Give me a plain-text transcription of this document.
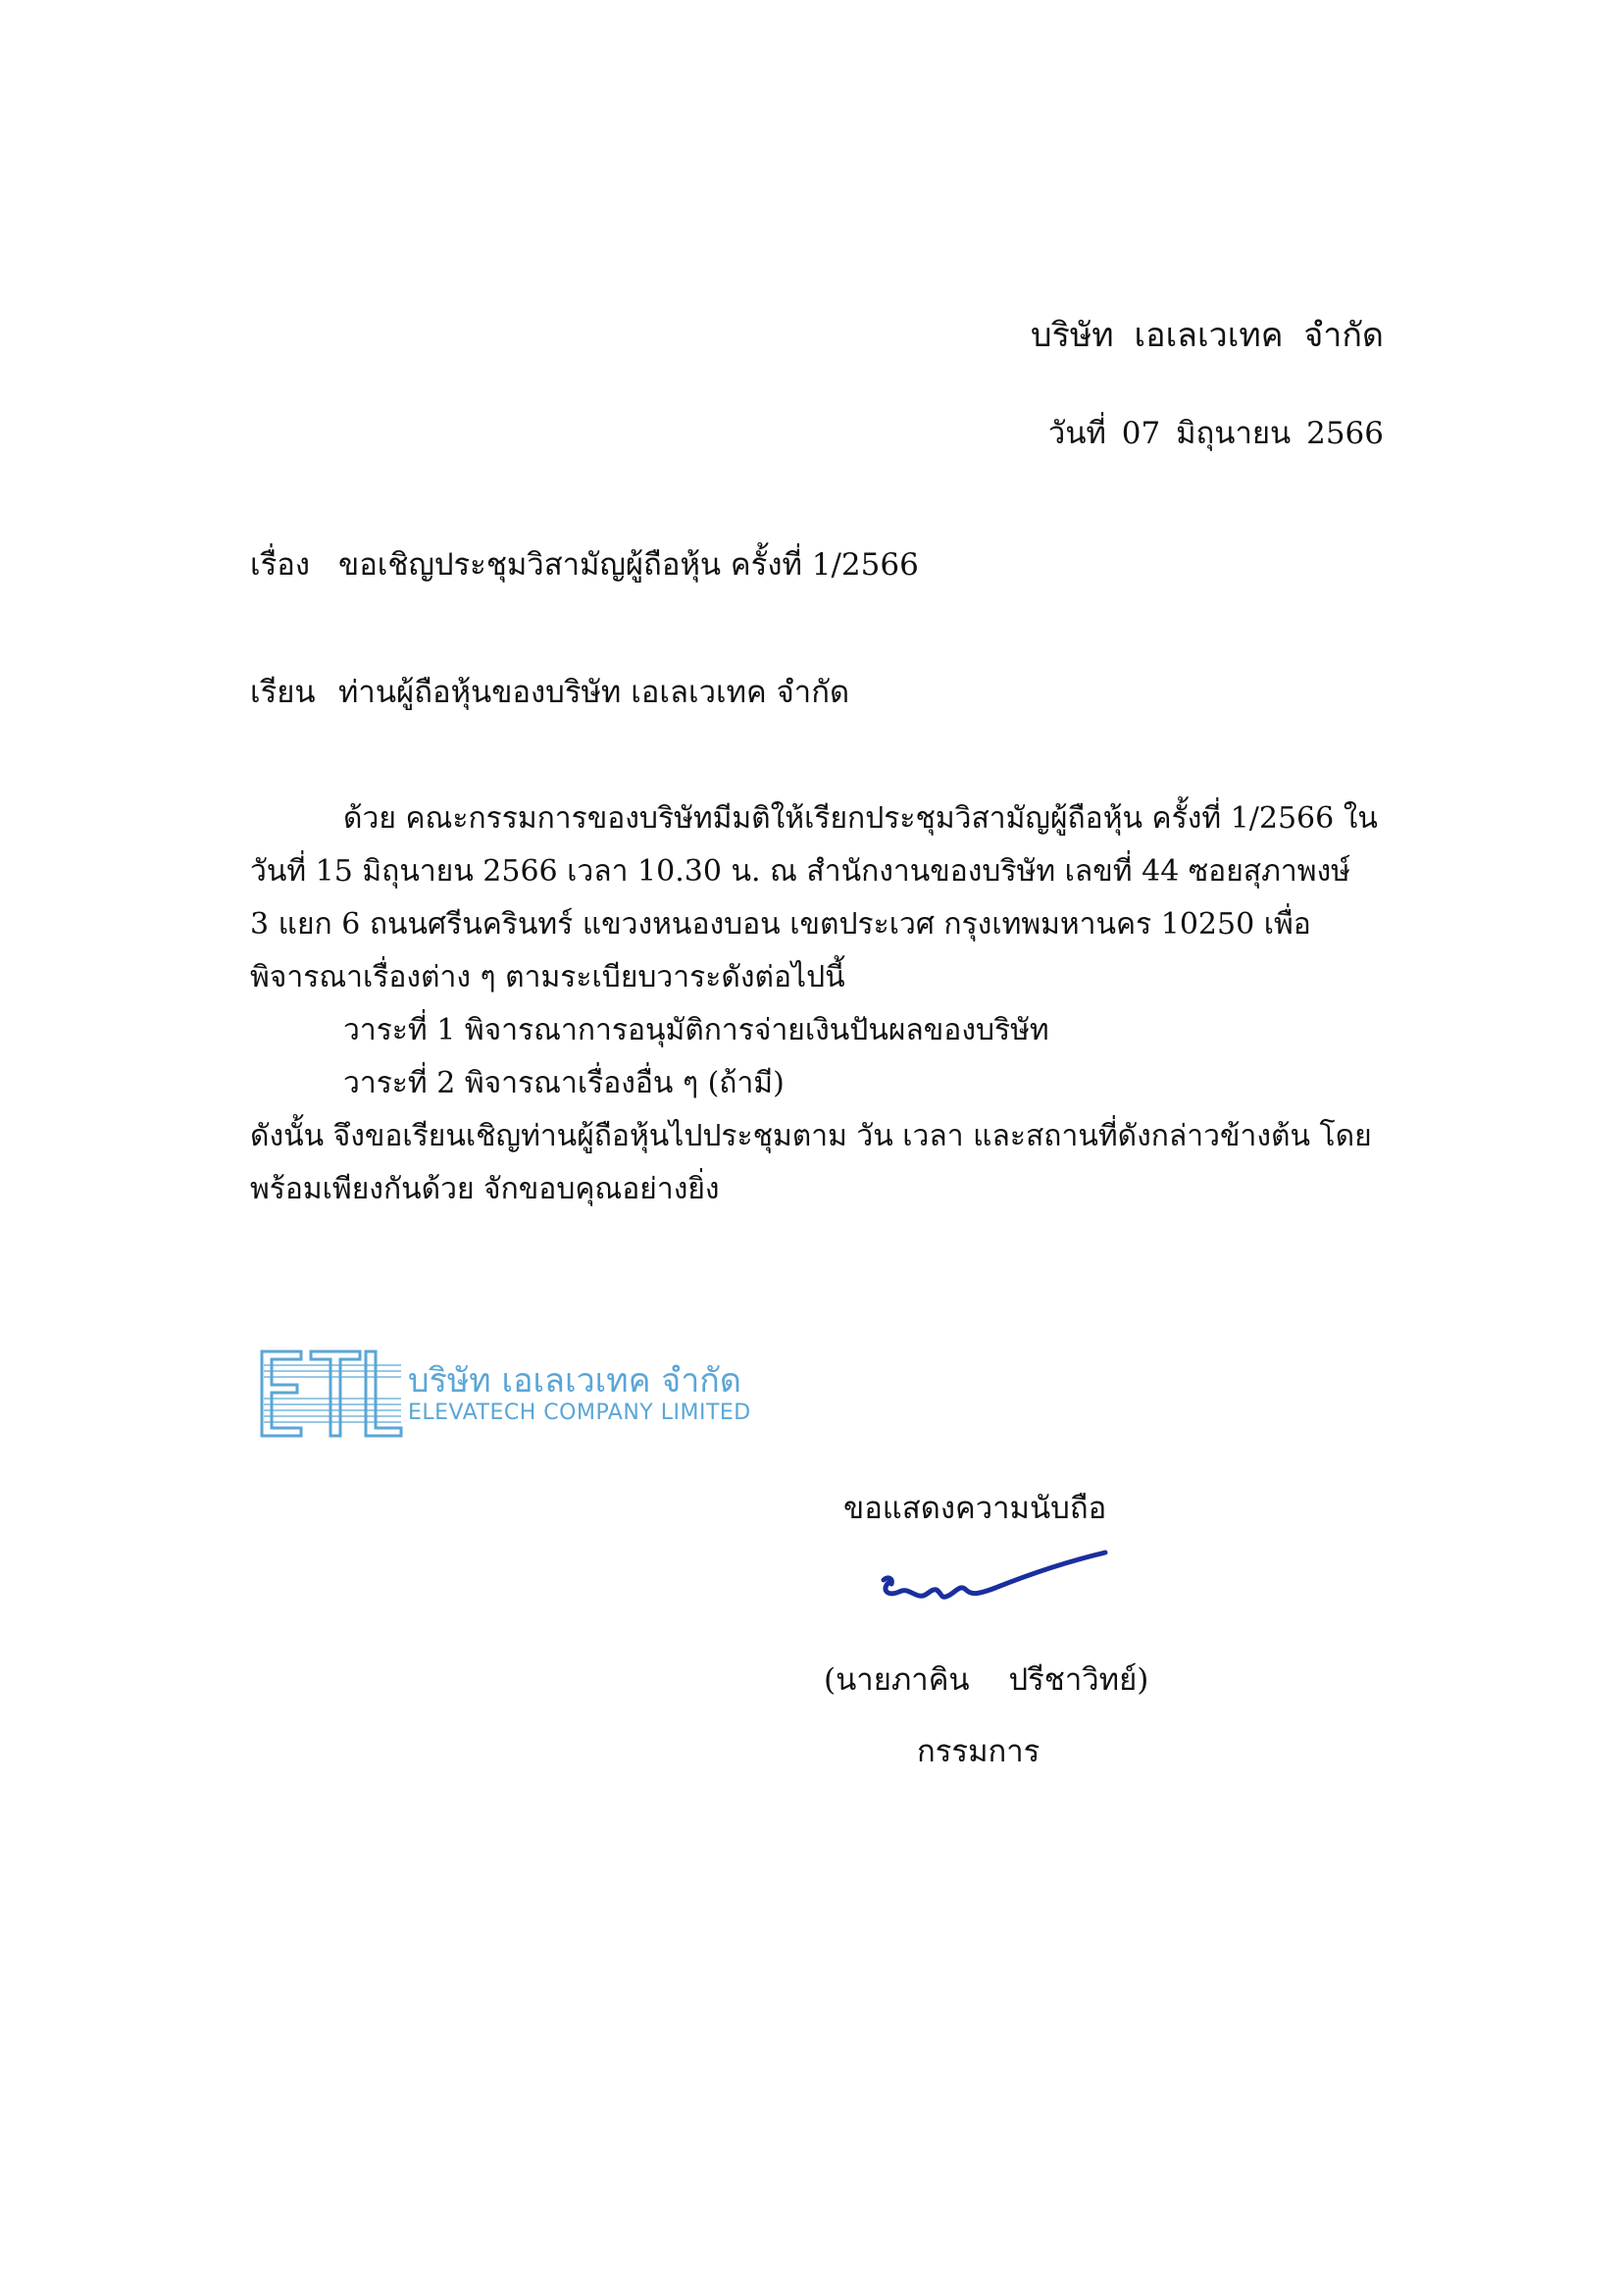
บริษัท เอเลเวเทค จำกัด
วันที่ 07 มิถุนายน 2566
เรื่อง ขอเชิญประชุมวิสามัญผู้ถือหุ้น ครั้งที่ 1/2566
เรียน ท่านผู้ถือหุ้นของบริษัท เอเลเวเทค จำกัด

ด้วย คณะกรรมการของบริษัทมีมติให้เรียกประชุมวิสามัญผู้ถือหุ้น ครั้งที่ 1/2566 ในวันที่ 15 มิถุนายน 2566 เวลา 10.30 น. ณ สำนักงานของบริษัท เลขที่ 44 ซอยสุภาพงษ์ 3 แยก 6 ถนนศรีนครินทร์ แขวงหนองบอน เขตประเวศ กรุงเทพมหานคร 10250 เพื่อพิจารณาเรื่องต่าง ๆ ตามระเบียบวาระดังต่อไปนี้

วาระที่ 1 พิจารณาการอนุมัติการจ่ายเงินปันผลของบริษัท

วาระที่ 2 พิจารณาเรื่องอื่น ๆ (ถ้ามี)

ดังนั้น จึงขอเรียนเชิญท่านผู้ถือหุ้นไปประชุมตาม วัน เวลา และสถานที่ดังกล่าวข้างต้น โดยพร้อมเพียงกันด้วย จักขอบคุณอย่างยิ่ง

บริษัท เอเลเวเทค จำกัด
ELEVATECH COMPANY LIMITED
ขอแสดงความนับถือ
(นายภาคิน ปรีชาวิทย์)
กรรมการ
